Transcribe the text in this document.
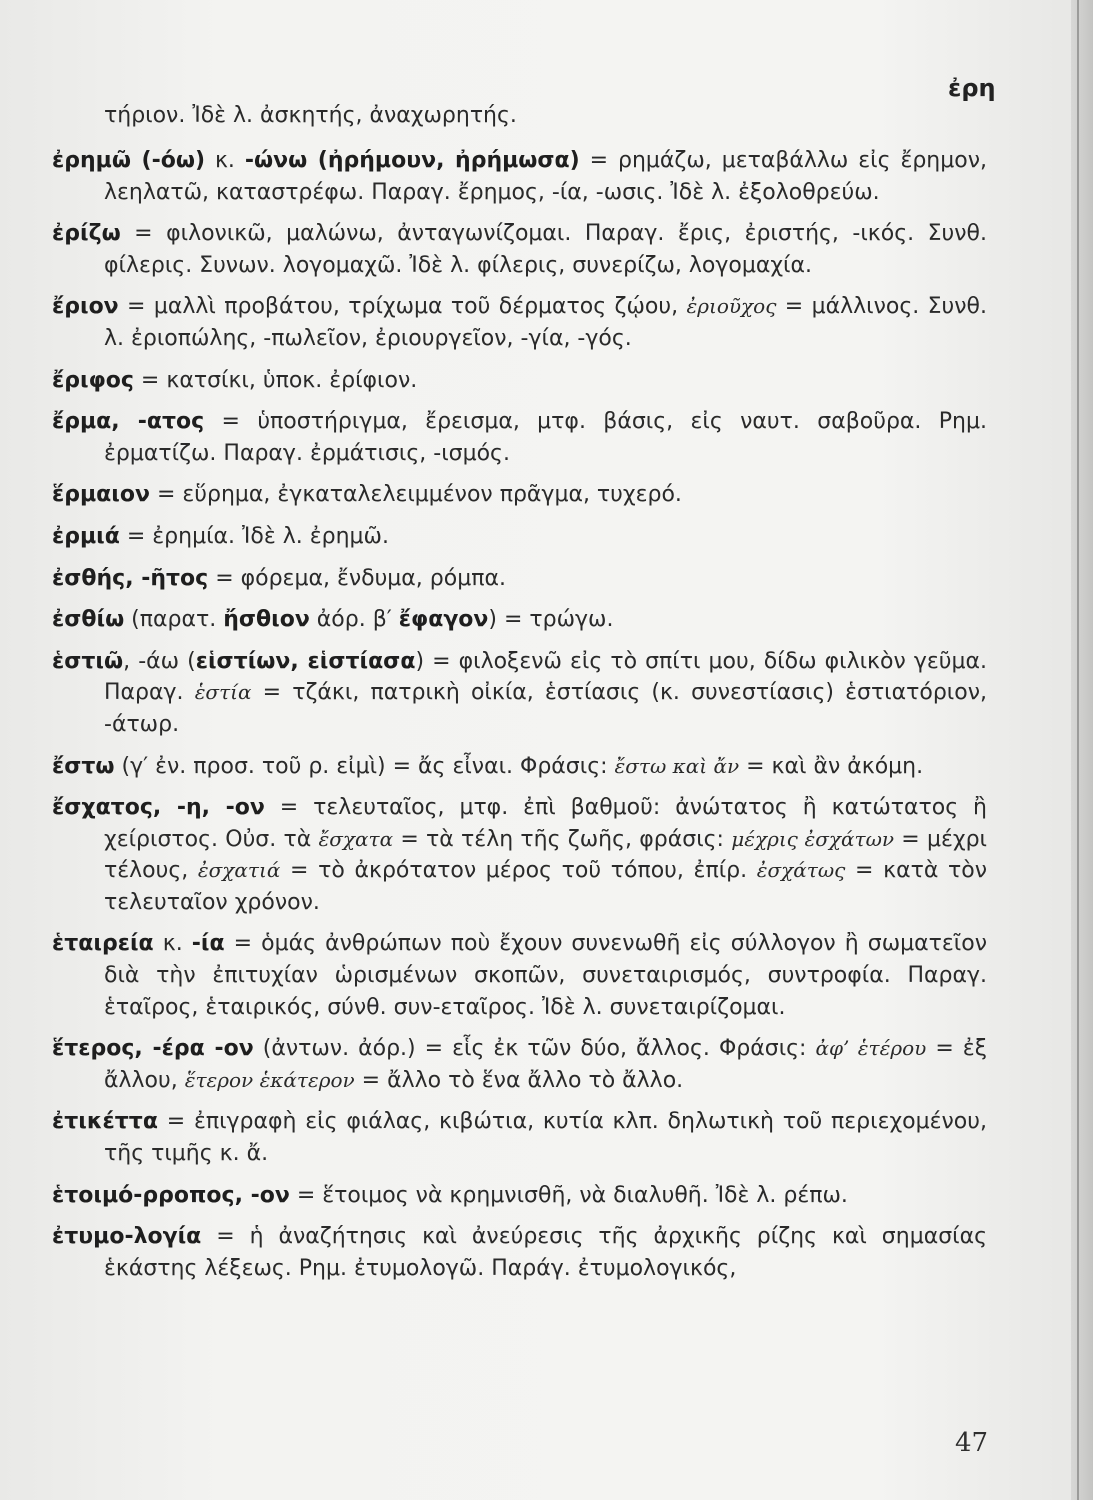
ἐρη

τήριον. Ἰδὲ λ. ἀσκητής, ἀναχωρητής.

ἐρημῶ (-όω) κ. -ώνω (ἠρήμουν, ἠρήμωσα) = ρημάζω, μεταβάλλω εἰς ἔρημον, λεηλατῶ, καταστρέφω. Παραγ. ἔρημος, -ία, -ωσις. Ἰδὲ λ. ἐξολοθρεύω.

ἐρίζω = φιλονικῶ, μαλώνω, ἀνταγωνίζομαι. Παραγ. ἔρις, ἐριστής, -ικός. Συνθ. φίλερις. Συνων. λογομαχῶ. Ἰδὲ λ. φίλερις, συνερίζω, λογομαχία.

ἔριον = μαλλὶ προβάτου, τρίχωμα τοῦ δέρματος ζῴου, ἐριοῦχος = μάλλινος. Συνθ. λ. ἐριοπώλης, -πωλεῖον, ἐριουργεῖον, -γία, -γός.

ἔριφος = κατσίκι, ὑποκ. ἐρίφιον.

ἔρμα, -ατος = ὑποστήριγμα, ἔρεισμα, μτφ. βάσις, εἰς ναυτ. σαβοῦρα. Ρημ. ἐρματίζω. Παραγ. ἐρμάτισις, -ισμός.

ἕρμαιον = εὕρημα, ἐγκαταλελειμμένον πρᾶγμα, τυχερό.

ἐρμιά = ἐρημία. Ἰδὲ λ. ἐρημῶ.

ἐσθής, -ῆτος = φόρεμα, ἔνδυμα, ρόμπα.

ἐσθίω (παρατ. ἤσθιον ἀόρ. β′ ἔφαγον) = τρώγω.

ἑστιῶ, -άω (εἱστίων, εἱστίασα) = φιλοξενῶ εἰς τὸ σπίτι μου, δίδω φιλικὸν γεῦμα. Παραγ. ἑστία = τζάκι, πατρικὴ οἰκία, ἑστίασις (κ. συνεστίασις) ἑστιατόριον, -άτωρ.

ἔστω (γ′ ἐν. προσ. τοῦ ρ. εἰμὶ) = ἄς εἶναι. Φράσις: ἔστω καὶ ἄν = καὶ ἂν ἀκόμη.

ἔσχατος, -η, -ον = τελευταῖος, μτφ. ἐπὶ βαθμοῦ: ἀνώτατος ἢ κατώτατος ἢ χείριστος. Οὐσ. τὰ ἔσχατα = τὰ τέλη τῆς ζωῆς, φράσις: μέχρις ἐσχάτων = μέχρι τέλους, ἐσχατιά = τὸ ἀκρότατον μέρος τοῦ τόπου, ἐπίρ. ἐσχάτως = κατὰ τὸν τελευταῖον χρόνον.

ἑταιρεία κ. -ία = ὁμάς ἀνθρώπων ποὺ ἔχουν συνενωθῆ εἰς σύλλογον ἢ σωματεῖον διὰ τὴν ἐπιτυχίαν ὡρισμένων σκοπῶν, συνεταιρισμός, συντροφία. Παραγ. ἑταῖρος, ἑταιρικός, σύνθ. συν-εταῖρος. Ἰδὲ λ. συνεταιρίζομαι.

ἕτερος, -έρα -ον (ἀντων. ἀόρ.) = εἷς ἐκ τῶν δύο, ἄλλος. Φράσις: ἀφ’ ἑτέρου = ἐξ ἄλλου, ἕτερον ἑκάτερον = ἄλλο τὸ ἕνα ἄλλο τὸ ἄλλο.

ἐτικέττα = ἐπιγραφὴ εἰς φιάλας, κιβώτια, κυτία κλπ. δηλωτικὴ τοῦ περιεχομένου, τῆς τιμῆς κ. ἄ.

ἑτοιμό-ρροπος, -ον = ἕτοιμος νὰ κρημνισθῆ, νὰ διαλυθῆ. Ἰδὲ λ. ρέπω.

ἐτυμο-λογία = ἡ ἀναζήτησις καὶ ἀνεύρεσις τῆς ἀρχικῆς ρίζης καὶ σημασίας ἑκάστης λέξεως. Ρημ. ἐτυμολογῶ. Παράγ. ἐτυμολογικός,

47
